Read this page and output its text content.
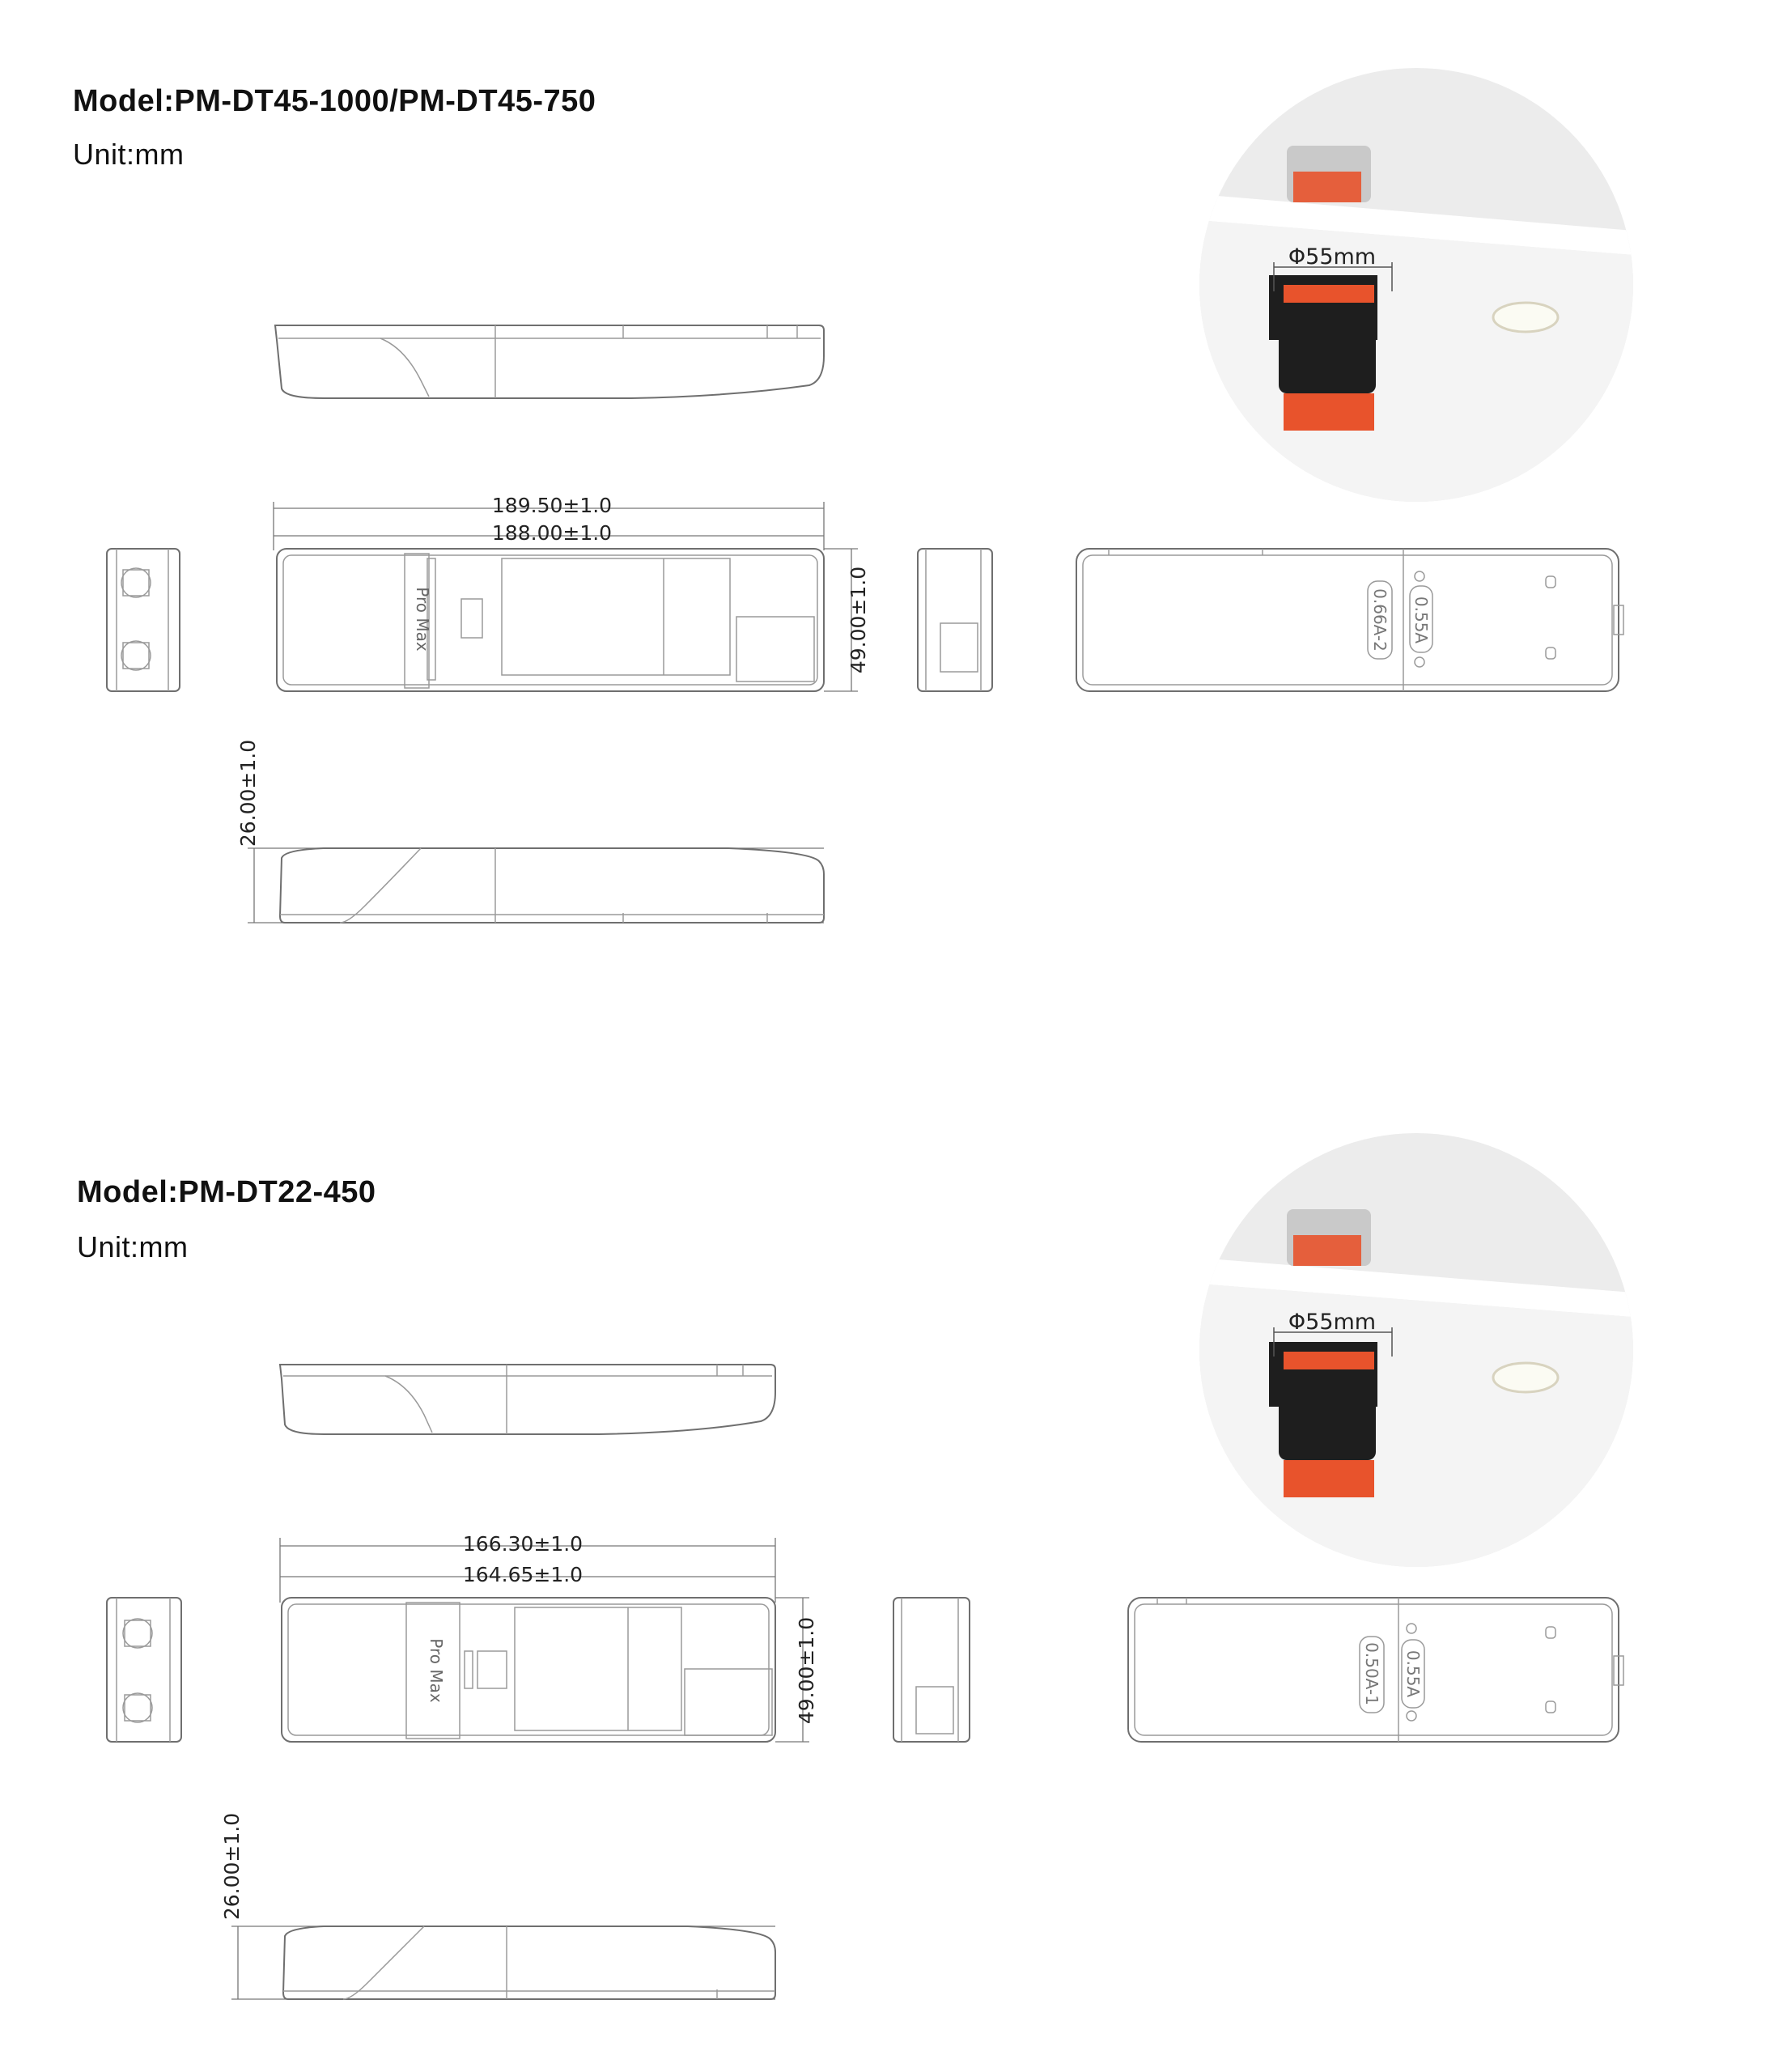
Model:PM-DT45-1000/PM-DT45-750
Unit:mm
189.50±1.0
188.00±1.0
Pro Max	49.00±1.0	0.66A-2 0.55A
26.00±1.0
Φ55mm
Model:PM-DT22-450
Unit:mm
166.30±1.0
164.65±1.0
Pro Max	49.00±1.0	0.50A-1 0.55A
26.00±1.0
Φ55mm
